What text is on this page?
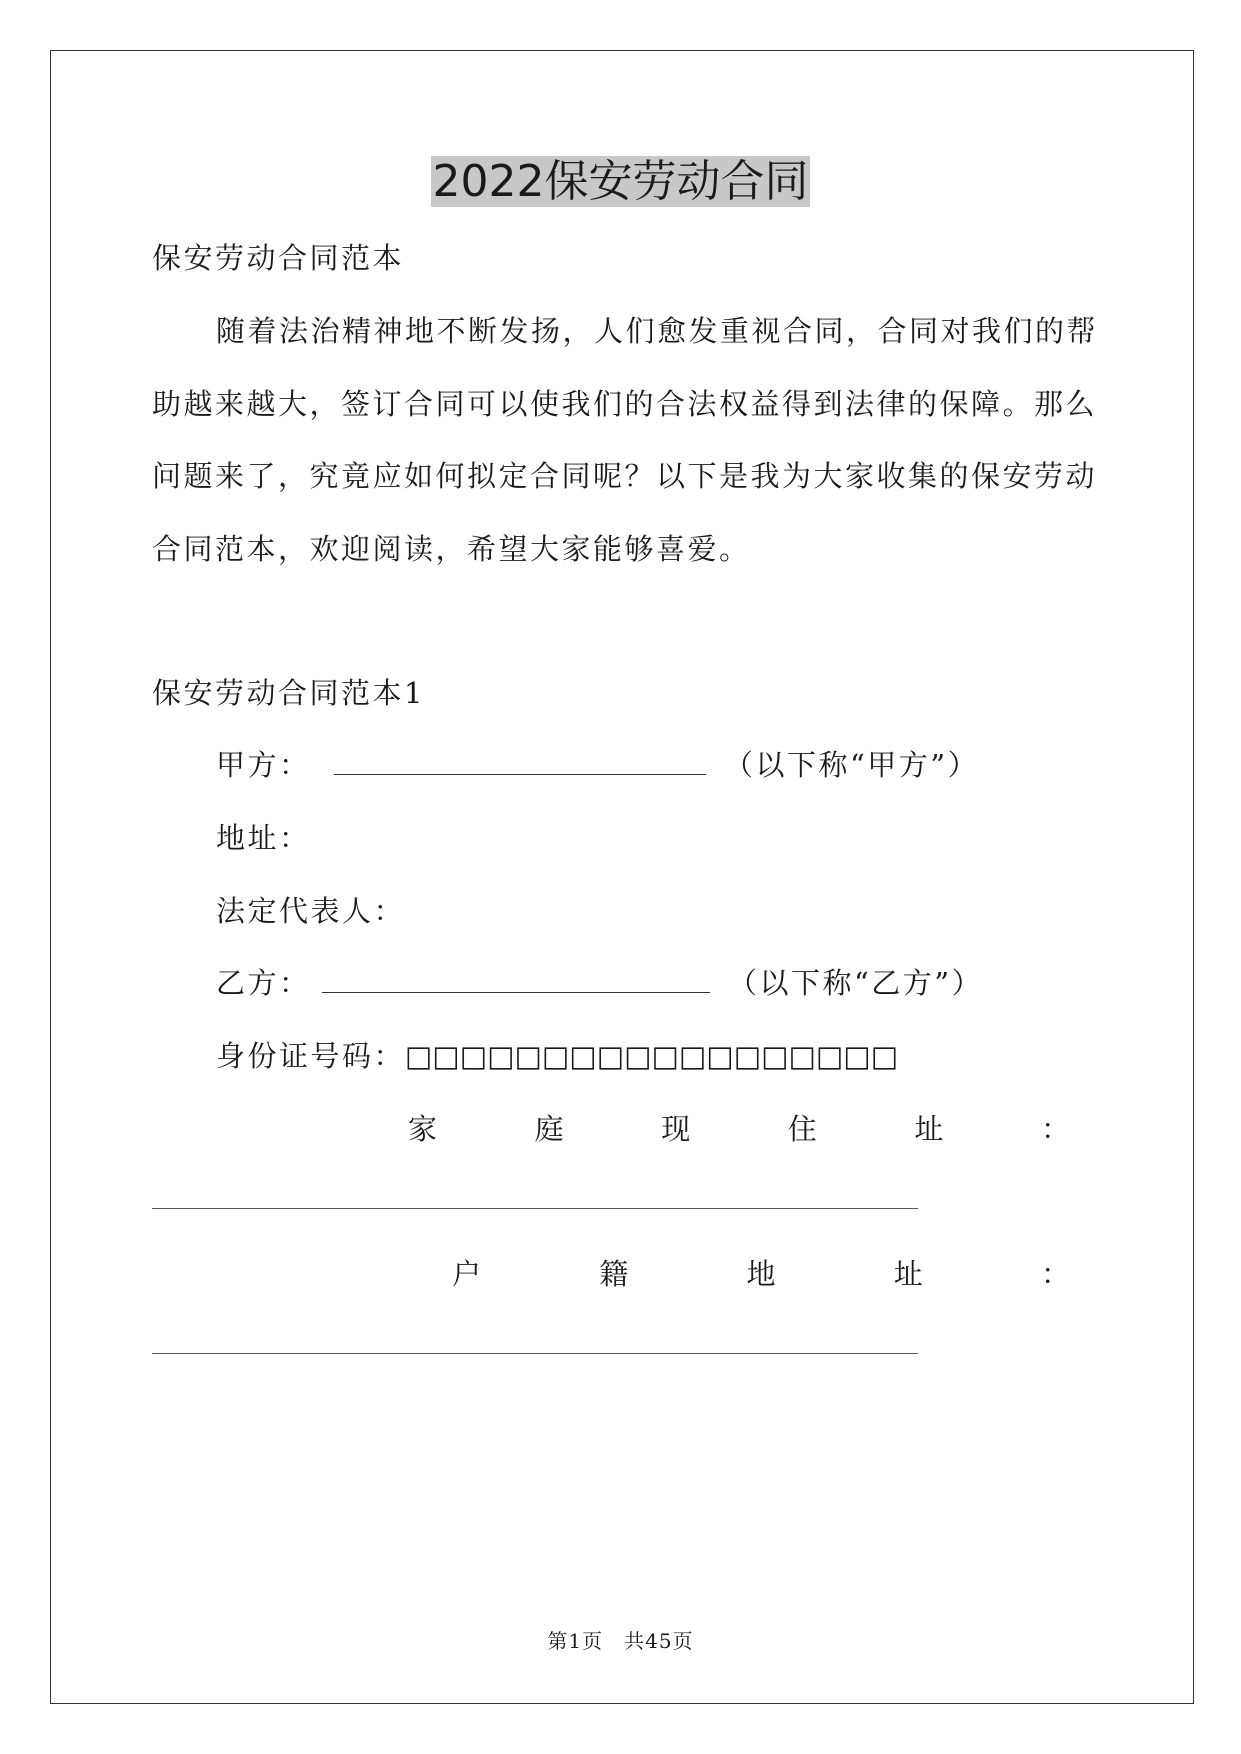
2022保安劳动合同
保安劳动合同范本
随着法治精神地不断发扬，人们愈发重视合同，合同对我们的帮
助越来越大，签订合同可以使我们的合法权益得到法律的保障。那么
问题来了，究竟应如何拟定合同呢？以下是我为大家收集的保安劳动
合同范本，欢迎阅读，希望大家能够喜爱。
保安劳动合同范本1
甲方：	（以下称“甲方”）
地址：
法定代表人：
乙方：	（以下称“乙方”）
身份证号码：□□□□□□□□□□□□□□□□□□
家	庭	现	住	址	：
户	籍	地	址	：
第1页　共45页
